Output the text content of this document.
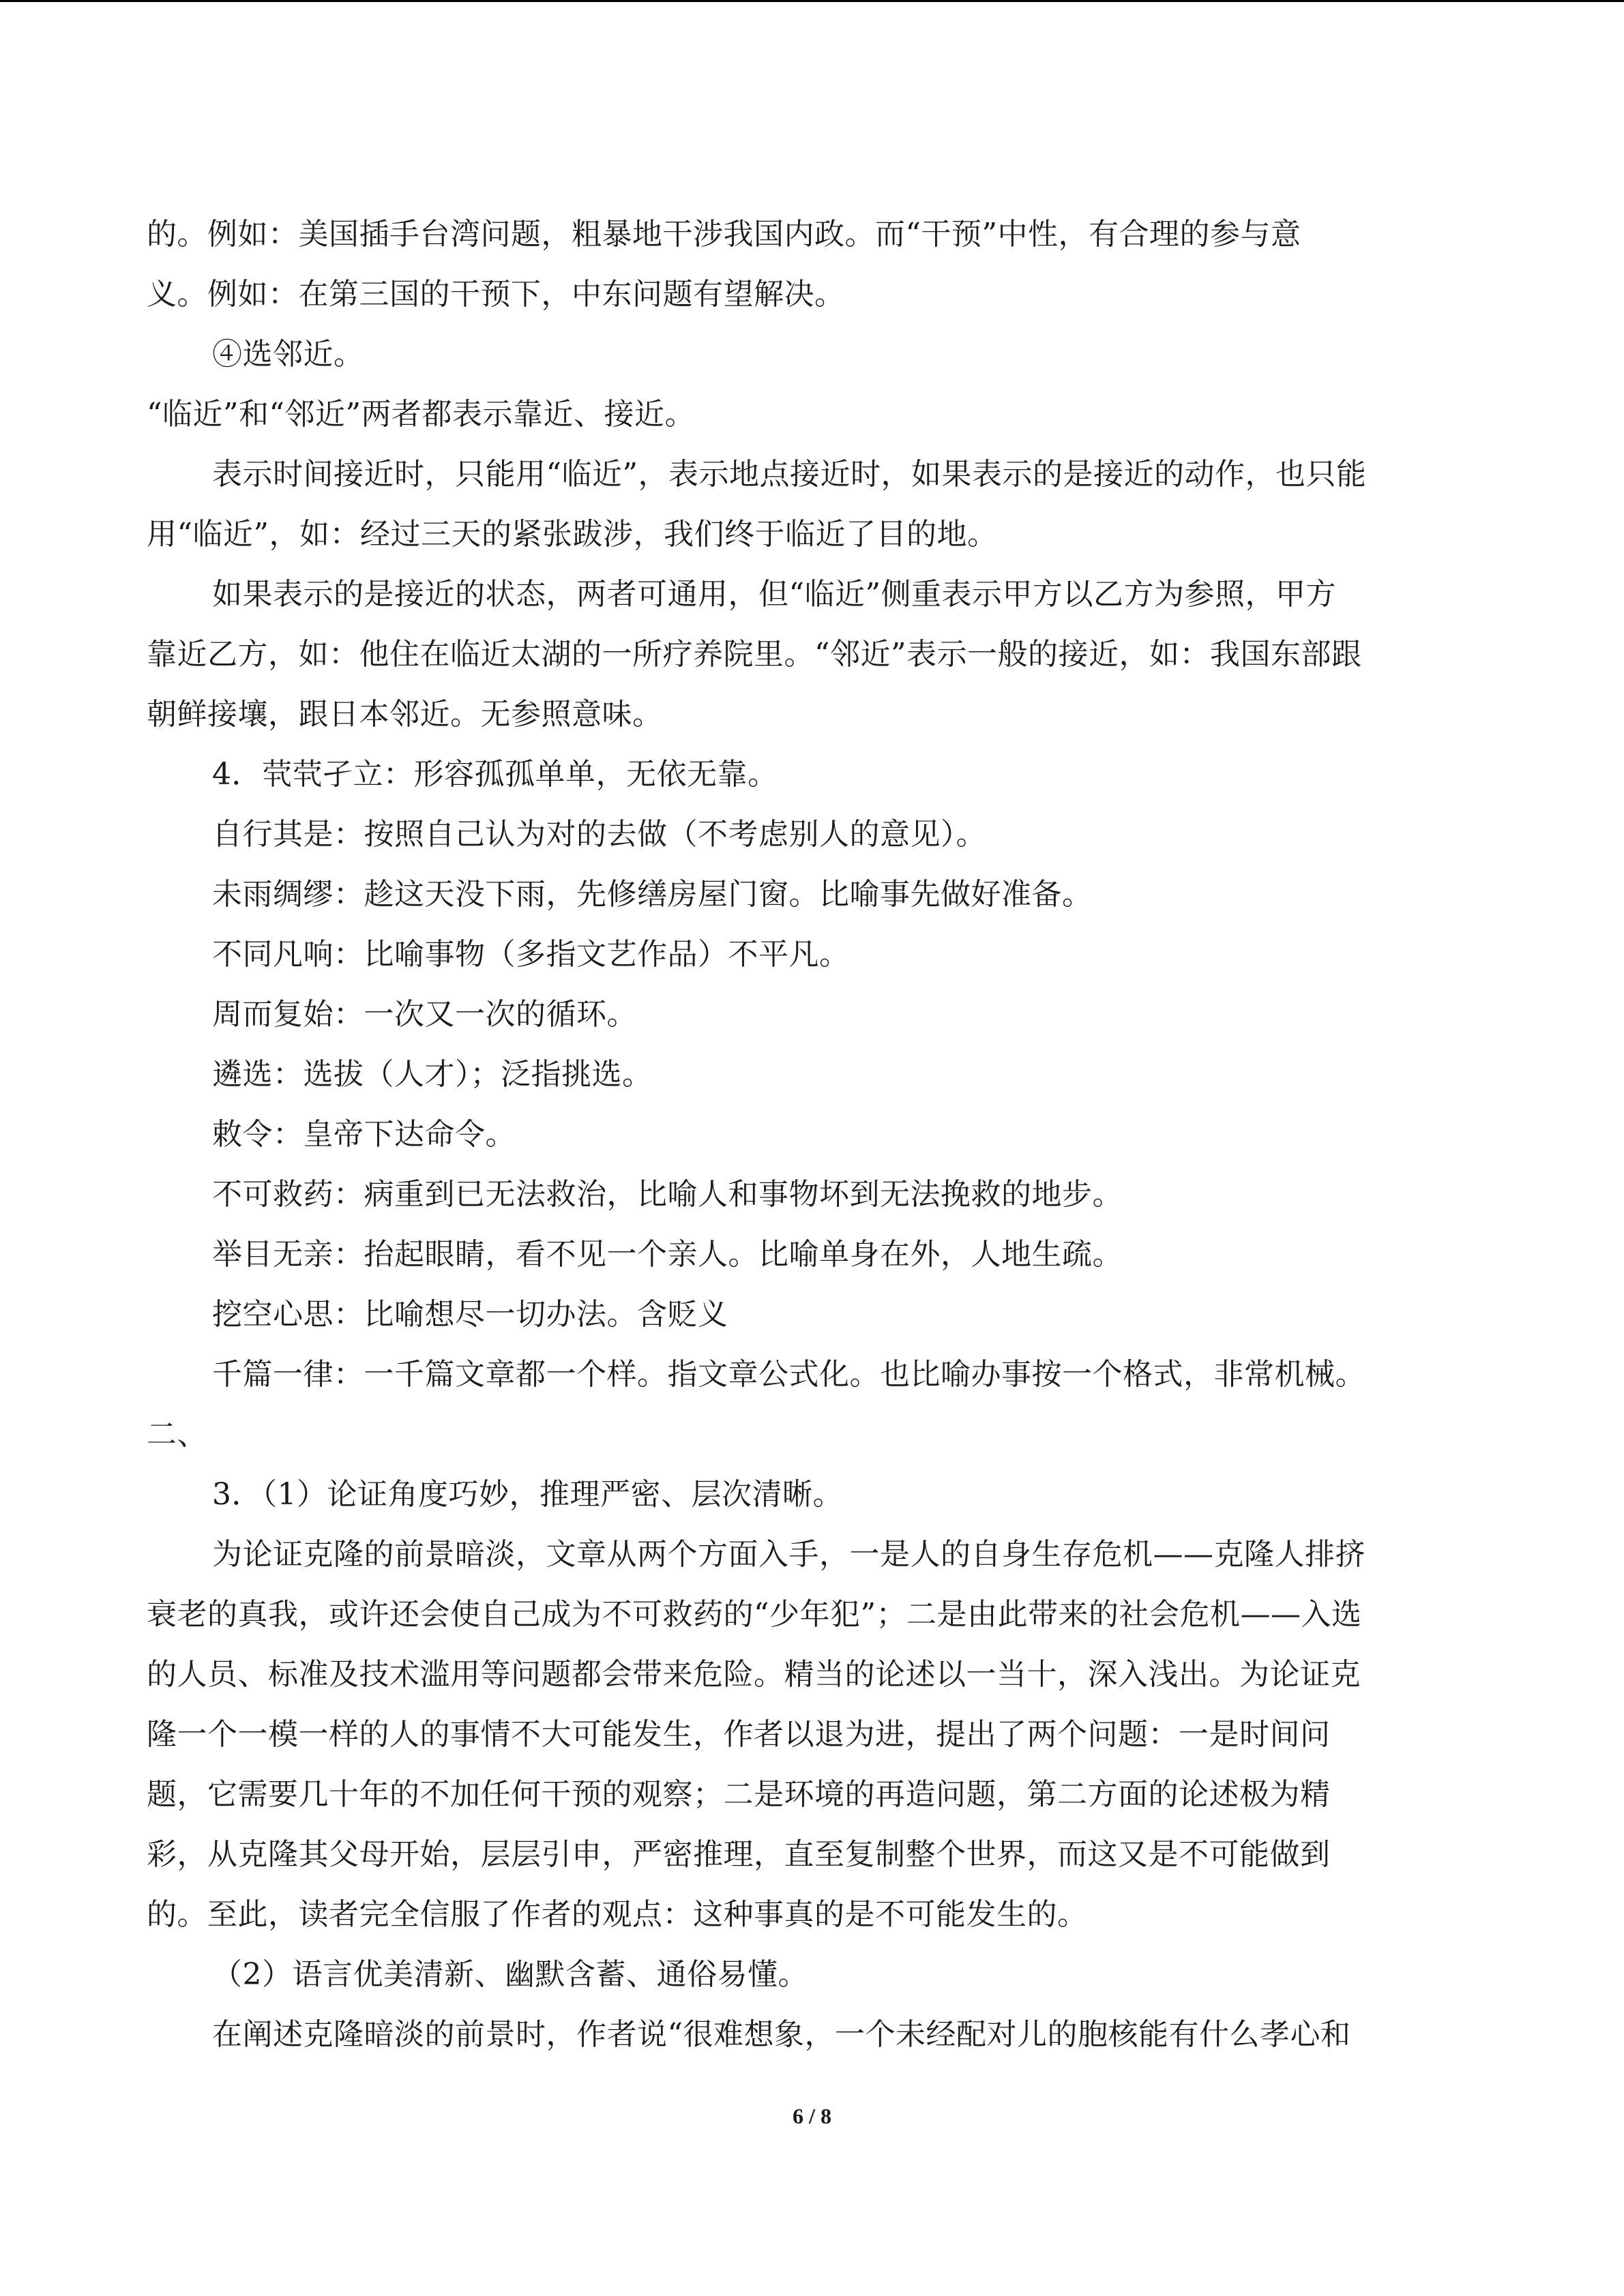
的。例如：美国插手台湾问题，粗暴地干涉我国内政。而“干预”中性，有合理的参与意

义。例如：在第三国的干预下，中东问题有望解决。

④选邻近。

“临近”和“邻近”两者都表示靠近、接近。

表示时间接近时，只能用“临近”，表示地点接近时，如果表示的是接近的动作，也只能

用“临近”，如：经过三天的紧张跋涉，我们终于临近了目的地。

如果表示的是接近的状态，两者可通用，但“临近”侧重表示甲方以乙方为参照，甲方

靠近乙方，如：他住在临近太湖的一所疗养院里。“邻近”表示一般的接近，如：我国东部跟

朝鲜接壤，跟日本邻近。无参照意味。

4．茕茕孑立：形容孤孤单单，无依无靠。

自行其是：按照自己认为对的去做（不考虑别人的意见）。

未雨绸缪：趁这天没下雨，先修缮房屋门窗。比喻事先做好准备。

不同凡响：比喻事物（多指文艺作品）不平凡。

周而复始：一次又一次的循环。

遴选：选拔（人才）；泛指挑选。

敕令：皇帝下达命令。

不可救药：病重到已无法救治，比喻人和事物坏到无法挽救的地步。

举目无亲：抬起眼睛，看不见一个亲人。比喻单身在外，人地生疏。

挖空心思：比喻想尽一切办法。含贬义

千篇一律：一千篇文章都一个样。指文章公式化。也比喻办事按一个格式，非常机械。

二、

3．（1）论证角度巧妙，推理严密、层次清晰。

为论证克隆的前景暗淡，文章从两个方面入手，一是人的自身生存危机——克隆人排挤

衰老的真我，或许还会使自己成为不可救药的“少年犯”；二是由此带来的社会危机——入选

的人员、标准及技术滥用等问题都会带来危险。精当的论述以一当十，深入浅出。为论证克

隆一个一模一样的人的事情不大可能发生，作者以退为进，提出了两个问题：一是时间问

题，它需要几十年的不加任何干预的观察；二是环境的再造问题，第二方面的论述极为精

彩，从克隆其父母开始，层层引申，严密推理，直至复制整个世界，而这又是不可能做到

的。至此，读者完全信服了作者的观点：这种事真的是不可能发生的。

（2）语言优美清新、幽默含蓄、通俗易懂。

在阐述克隆暗淡的前景时，作者说“很难想象，一个未经配对儿的胞核能有什么孝心和

6 / 8
